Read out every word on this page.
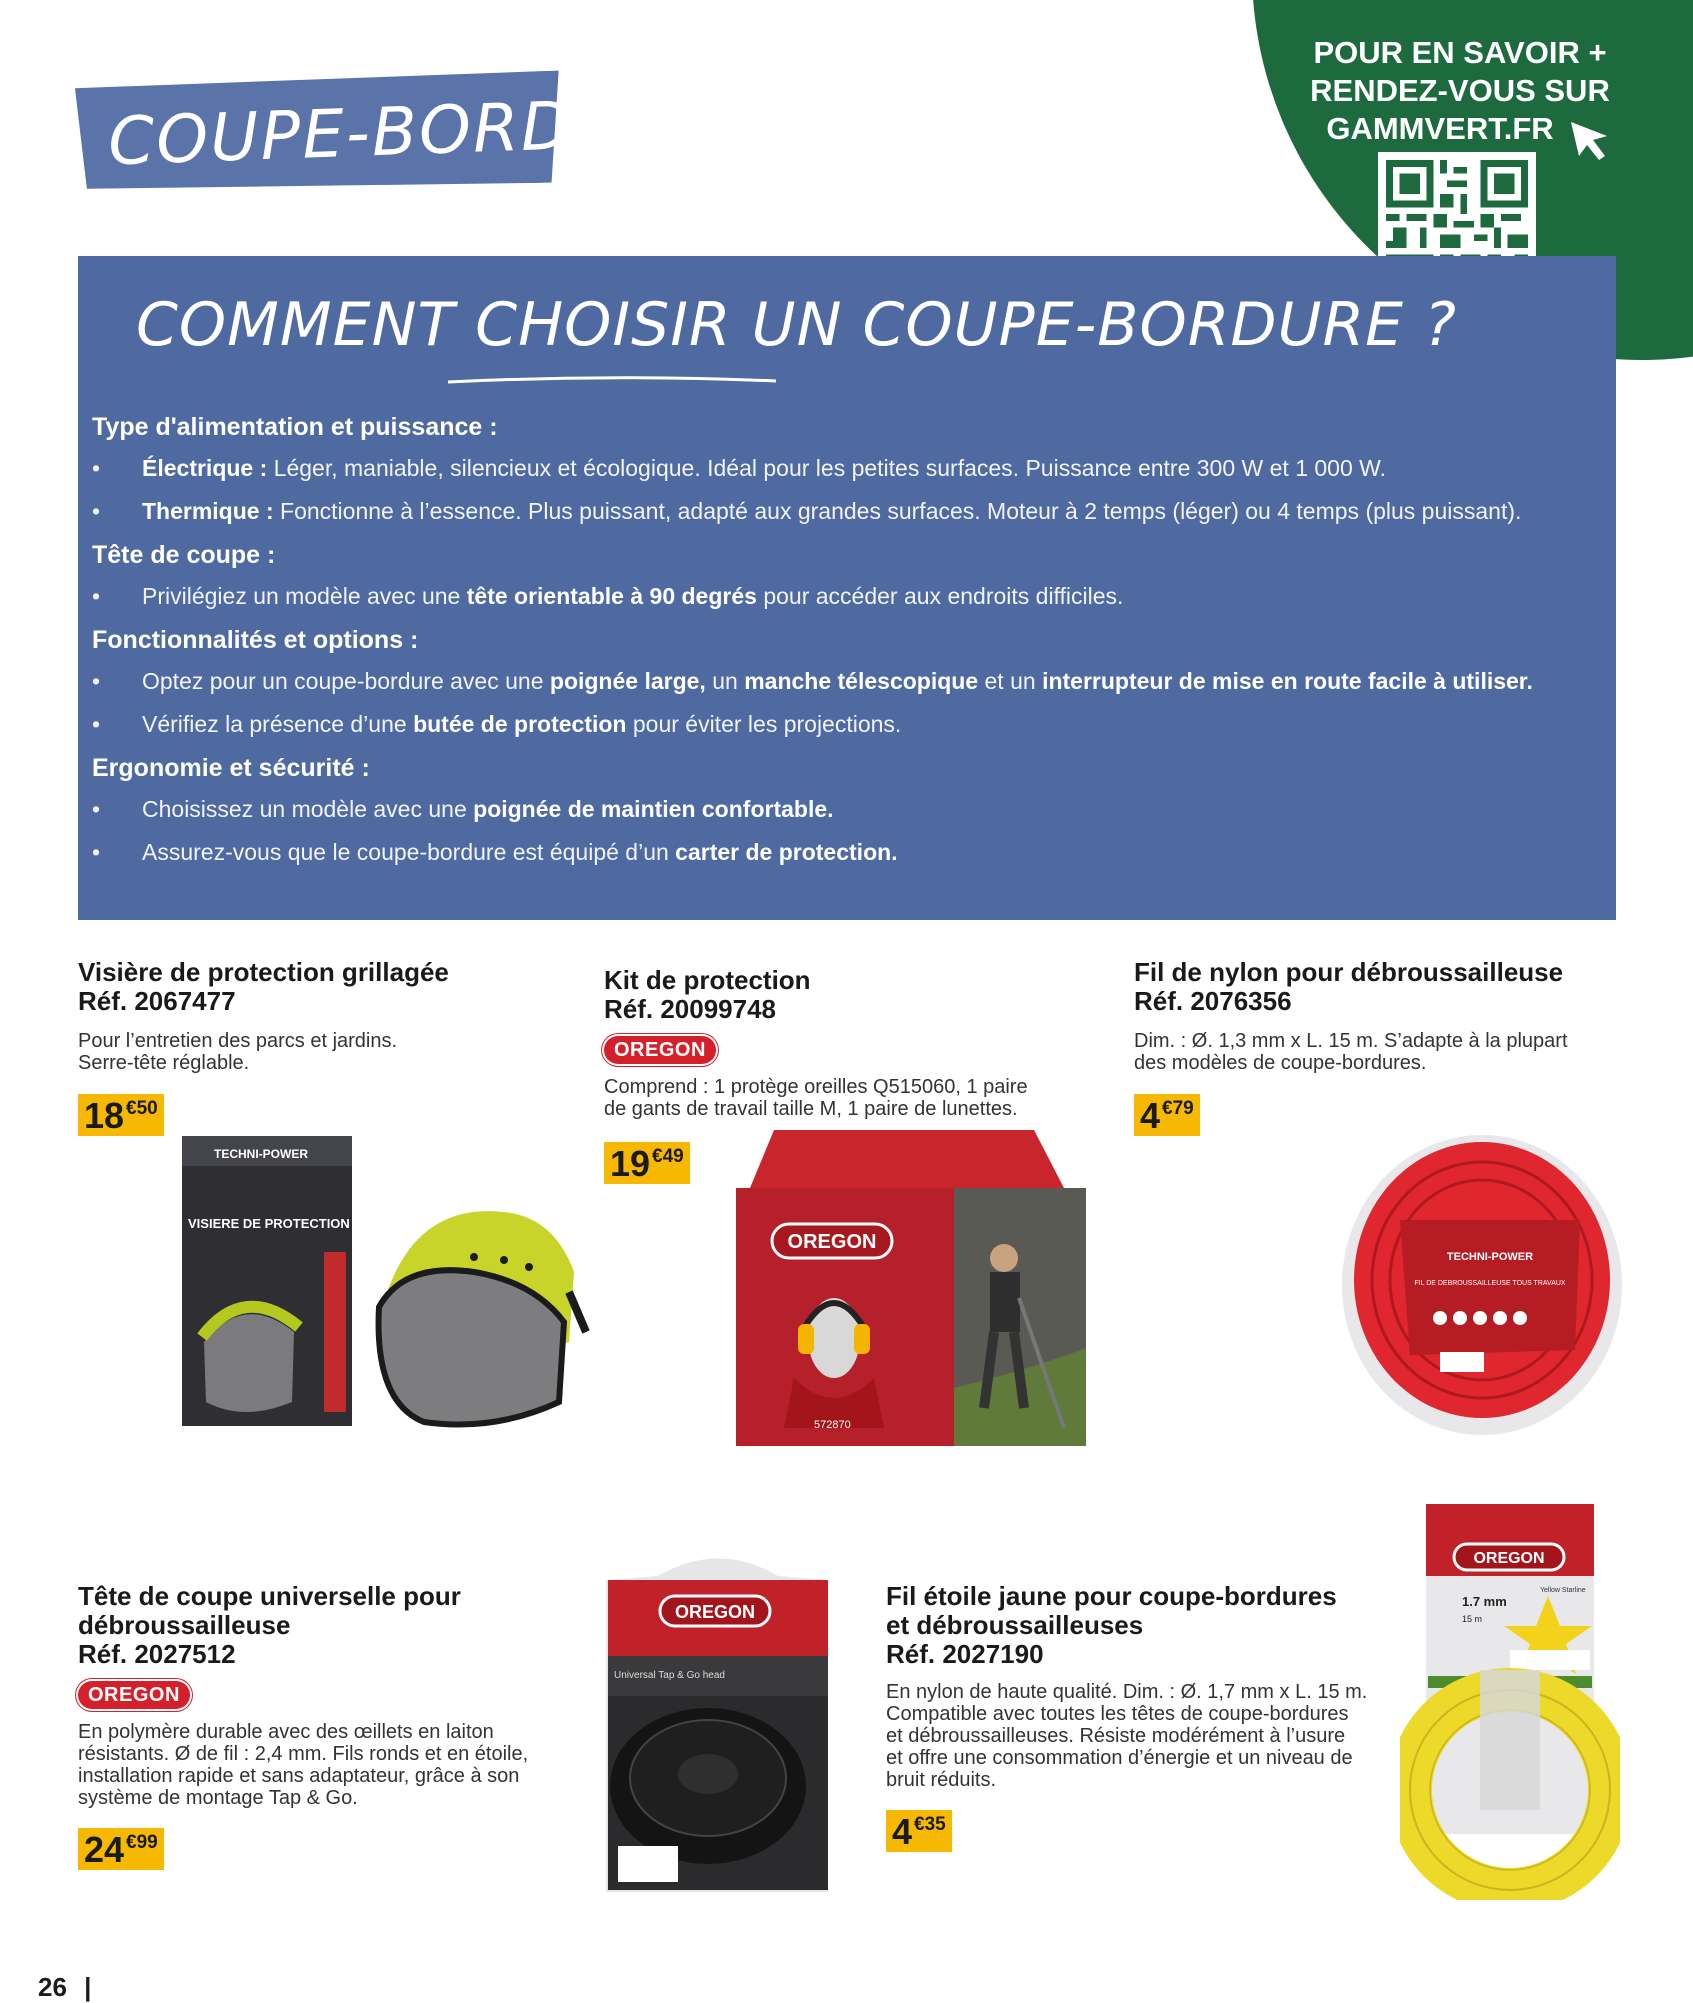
COUPE-BORDURES
POUR EN SAVOIR +
RENDEZ-VOUS SUR
GAMMVERT.FR
COMMENT CHOISIR UN COUPE-BORDURE ?
Type d'alimentation et puissance :
• Électrique : Léger, maniable, silencieux et écologique. Idéal pour les petites surfaces. Puissance entre 300 W et 1 000 W.
• Thermique : Fonctionne à l’essence. Plus puissant, adapté aux grandes surfaces. Moteur à 2 temps (léger) ou 4 temps (plus puissant).
Tête de coupe :
• Privilégiez un modèle avec une tête orientable à 90 degrés pour accéder aux endroits difficiles.
Fonctionnalités et options :
• Optez pour un coupe-bordure avec une poignée large, un manche télescopique et un interrupteur de mise en route facile à utiliser.
• Vérifiez la présence d’une butée de protection pour éviter les projections.
Ergonomie et sécurité :
• Choisissez un modèle avec une poignée de maintien confortable.
• Assurez-vous que le coupe-bordure est équipé d’un carter de protection.
Visière de protection grillagée
Réf. 2067477
Pour l’entretien des parcs et jardins.
Serre-tête réglable.
18 €50
TECHNI-POWER
VISIERE DE PROTECTION
Kit de protection
Réf. 20099748
OREGON
Comprend : 1 protège oreilles Q515060, 1 paire
de gants de travail taille M, 1 paire de lunettes.
19 €49
OREGON
572870
Fil de nylon pour débroussailleuse
Réf. 2076356
Dim. : Ø. 1,3 mm x L. 15 m. S’adapte à la plupart
des modèles de coupe-bordures.
4 €79
TECHNI-POWER
FIL DE DEBROUSSAILLEUSE TOUS TRAVAUX
Tête de coupe universelle pour
débroussailleuse
Réf. 2027512
OREGON
En polymère durable avec des œillets en laiton
résistants. Ø de fil : 2,4 mm. Fils ronds et en étoile,
installation rapide et sans adaptateur, grâce à son
système de montage Tap & Go.
24 €99
OREGON
Universal Tap & Go head
Fil étoile jaune pour coupe-bordures
et débroussailleuses
Réf. 2027190
En nylon de haute qualité. Dim. : Ø. 1,7 mm x L. 15 m.
Compatible avec toutes les têtes de coupe-bordures
et débroussailleuses. Résiste modérément à l’usure
et offre une consommation d’énergie et un niveau de
bruit réduits.
4 €35
OREGON
1.7 mm
15 m
Yellow Starline
26 |
